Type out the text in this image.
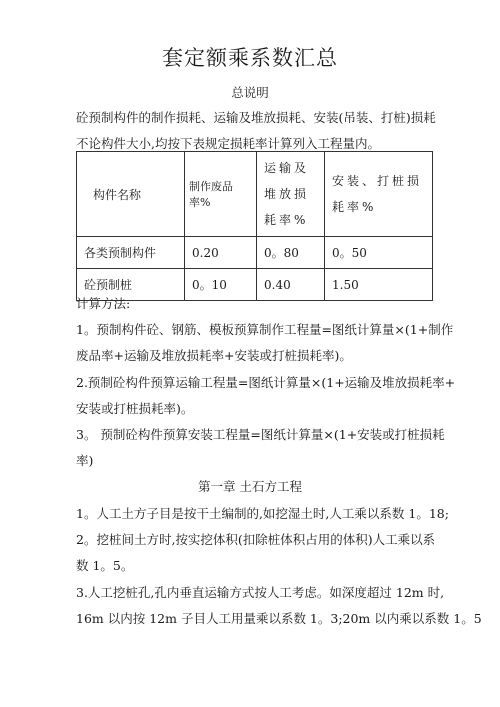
套定额乘系数汇总
总说明
砼预制构件的制作损耗、运输及堆放损耗、安装(吊装、打桩)损耗
不论构件大小,均按下表规定损耗率计算列入工程量内。
构件名称	制作废品率%	运输及堆放损耗率%	安装、打桩损耗率%
各类预制构件	0.20	0。80	0。50
砼预制桩	0。10	0.40	1.50
计算方法:
1。预制构件砼、钢筋、模板预算制作工程量=图纸计算量×(1+制作
废品率+运输及堆放损耗率+安装或打桩损耗率)。
2.预制砼构件预算运输工程量=图纸计算量×(1+运输及堆放损耗率+
安装或打桩损耗率)。
3。 预制砼构件预算安装工程量=图纸计算量×(1+安装或打桩损耗
率)
第一章 土石方工程
1。人工土方子目是按干土编制的,如挖湿土时,人工乘以系数 1。18;
2。挖桩间土方时,按实挖体积(扣除桩体积占用的体积)人工乘以系
数 1。5。
3.人工挖桩孔,孔内垂直运输方式按人工考虑。如深度超过 12m 时,
16m 以内按 12m 子目人工用量乘以系数 1。3;20m 以内乘以系数 1。5
